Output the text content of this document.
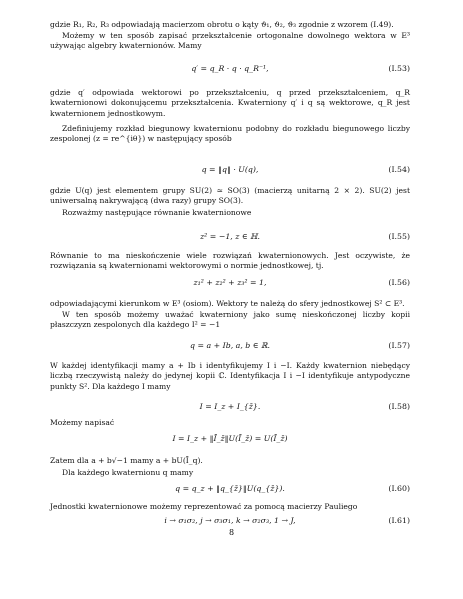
gdzie R₁, R₂, R₃ odpowiadają macierzom obrotu o kąty ϑ₁, ϑ₂, ϑ₃ zgodnie z wzorem (I.49).
Możemy w ten sposób zapisać przekształcenie ortogonalne dowolnego wektora w E³ używając algebry kwaternionów. Mamy
q′ = q_R · q · q_R⁻¹,	(I.53)
gdzie q′ odpowiada wektorowi po przekształceniu, q przed przekształceniem, q_R kwaternionowi dokonującemu przekształcenia. Kwaterniony q′ i q są wektorowe, q_R jest kwaternionem jednostkowym.
Zdefiniujemy rozkład biegunowy kwaternionu podobny do rozkładu biegunowego liczby zespolonej (z = re^{iθ}) w następujący sposób
q = ‖q‖ · U(q),	(I.54)
gdzie U(q) jest elementem grupy SU(2) ≃ SO(3) (macierzą unitarną 2 × 2). SU(2) jest uniwersalną nakrywającą (dwa razy) grupy SO(3).
Rozważmy następujące równanie kwaternionowe
z² = −1, z ∈ ℍ.	(I.55)
Równanie to ma nieskończenie wiele rozwiązań kwaternionowych. Jest oczywiste, że rozwiązania są kwaternionami wektorowymi o normie jednostkowej, tj.
z₁² + z₂² + z₃² = 1,	(I.56)
odpowiadającymi kierunkom w E³ (osiom). Wektory te należą do sfery jednostkowej S² ⊂ E³.
W ten sposób możemy uważać kwaterniony jako sumę nieskończonej liczby kopii płaszczyzn zespolonych dla każdego I² = −1
q = a + Ib, a, b ∈ ℝ.	(I.57)
W każdej identyfikacji mamy a + Ib i identyfikujemy I i −I. Każdy kwaternion niebędący liczbą rzeczywistą należy do jedynej kopii ℂ. Identyfikacja I i −I identyfikuje antypodyczne punkty S². Dla każdego I mamy
I = I_z + I_{z̄}.	(I.58)
Możemy napisać
I = I_z + ‖Ī_z̄‖U(Ī_z̄) = U(Ī_z̄)
Zatem dla a + b√−1 mamy a + bU(Ī_q).
Dla każdego kwaternionu q mamy
q = q_z + ‖q_{z̄}‖U(q_{z̄}).	(I.60)
Jednostki kwaternionowe możemy reprezentować za pomocą macierzy Pauliego
i → σ₁σ₂, j → σ₃σ₁, k → σ₂σ₃, 1 → J,	(I.61)
8
